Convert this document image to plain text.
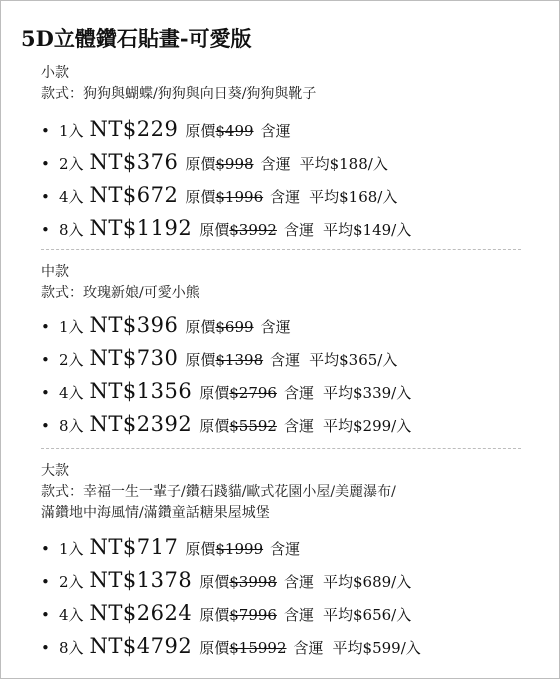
5D立體鑽石貼畫-可愛版
小款
款式：狗狗與蝴蝶/狗狗與向日葵/狗狗與靴子
• 1入 NT$229 原價$499 含運
• 2入 NT$376 原價$998 含運 平均$188/入
• 4入 NT$672 原價$1996 含運 平均$168/入
• 8入 NT$1192 原價$3992 含運 平均$149/入
中款
款式：玫瑰新娘/可愛小熊
• 1入 NT$396 原價$699 含運
• 2入 NT$730 原價$1398 含運 平均$365/入
• 4入 NT$1356 原價$2796 含運 平均$339/入
• 8入 NT$2392 原價$5592 含運 平均$299/入
大款
款式：幸福一生一輩子/鑽石踐貓/歐式花園小屋/美麗瀑布/
滿鑽地中海風情/滿鑽童話糖果屋城堡
• 1入 NT$717 原價$1999 含運
• 2入 NT$1378 原價$3998 含運 平均$689/入
• 4入 NT$2624 原價$7996 含運 平均$656/入
• 8入 NT$4792 原價$15992 含運 平均$599/入
